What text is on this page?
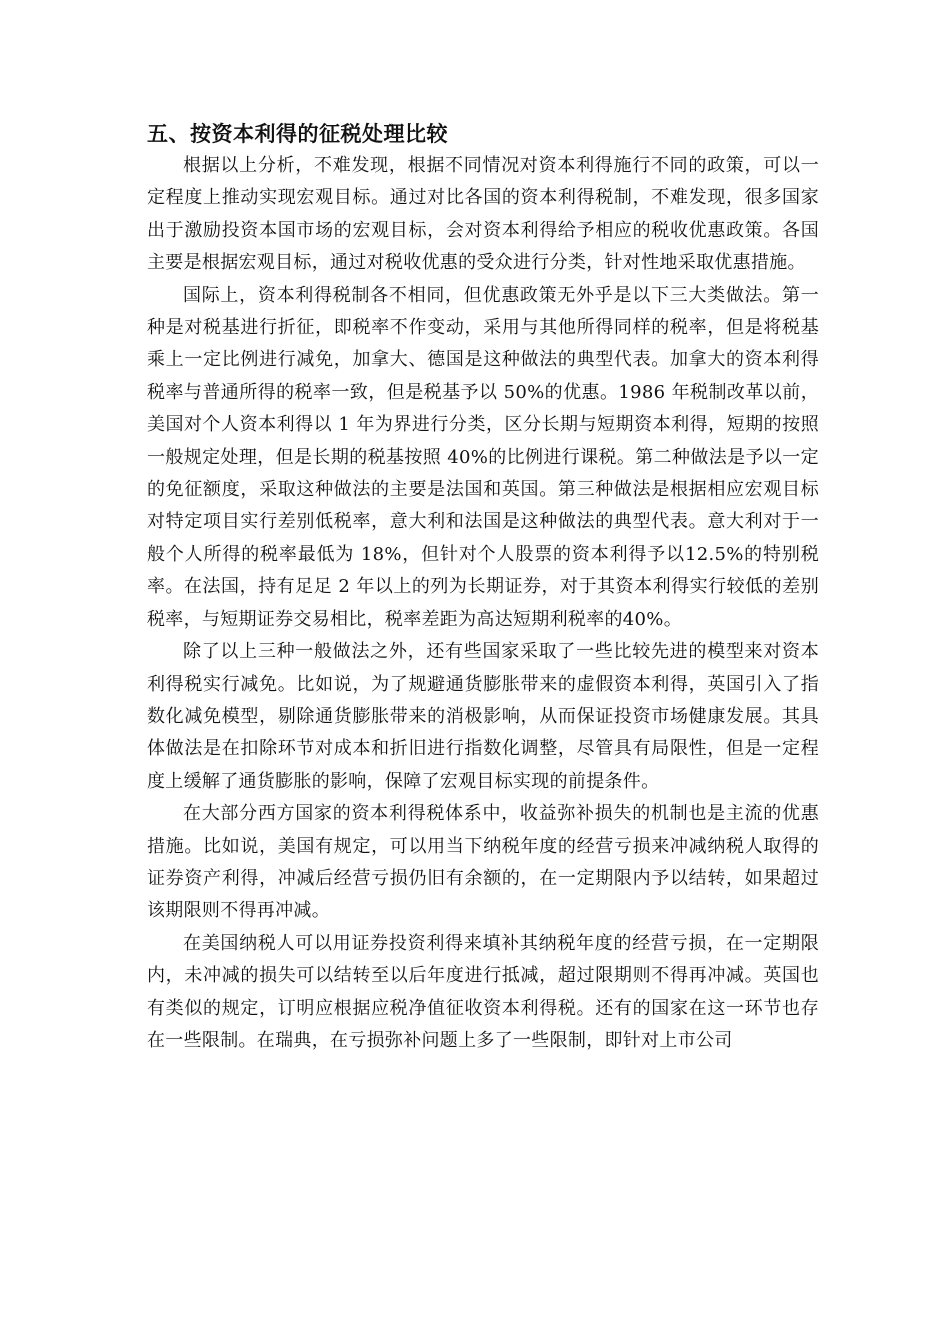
五、按资本利得的征税处理比较

根据以上分析，不难发现，根据不同情况对资本利得施行不同的政策，可以一定程度上推动实现宏观目标。通过对比各国的资本利得税制，不难发现，很多国家出于激励投资本国市场的宏观目标，会对资本利得给予相应的税收优惠政策。各国主要是根据宏观目标，通过对税收优惠的受众进行分类，针对性地采取优惠措施。

国际上，资本利得税制各不相同，但优惠政策无外乎是以下三大类做法。第一种是对税基进行折征，即税率不作变动，采用与其他所得同样的税率，但是将税基乘上一定比例进行减免，加拿大、德国是这种做法的典型代表。加拿大的资本利得税率与普通所得的税率一致，但是税基予以 50%的优惠。1986 年税制改革以前，美国对个人资本利得以 1 年为界进行分类，区分长期与短期资本利得，短期的按照一般规定处理，但是长期的税基按照 40%的比例进行课税。第二种做法是予以一定的免征额度，采取这种做法的主要是法国和英国。第三种做法是根据相应宏观目标对特定项目实行差别低税率，意大利和法国是这种做法的典型代表。意大利对于一般个人所得的税率最低为 18%，但针对个人股票的资本利得予以12.5%的特别税率。在法国，持有足足 2 年以上的列为长期证券，对于其资本利得实行较低的差别税率，与短期证券交易相比，税率差距为高达短期利税率的40%。

除了以上三种一般做法之外，还有些国家采取了一些比较先进的模型来对资本利得税实行减免。比如说，为了规避通货膨胀带来的虚假资本利得，英国引入了指数化减免模型，剔除通货膨胀带来的消极影响，从而保证投资市场健康发展。其具体做法是在扣除环节对成本和折旧进行指数化调整，尽管具有局限性，但是一定程度上缓解了通货膨胀的影响，保障了宏观目标实现的前提条件。

在大部分西方国家的资本利得税体系中，收益弥补损失的机制也是主流的优惠措施。比如说，美国有规定，可以用当下纳税年度的经营亏损来冲减纳税人取得的证券资产利得，冲减后经营亏损仍旧有余额的，在一定期限内予以结转，如果超过该期限则不得再冲减。

在美国纳税人可以用证券投资利得来填补其纳税年度的经营亏损，在一定期限内，未冲减的损失可以结转至以后年度进行抵减，超过限期则不得再冲减。英国也有类似的规定，订明应根据应税净值征收资本利得税。还有的国家在这一环节也存在一些限制。在瑞典，在亏损弥补问题上多了一些限制，即针对上市公司
